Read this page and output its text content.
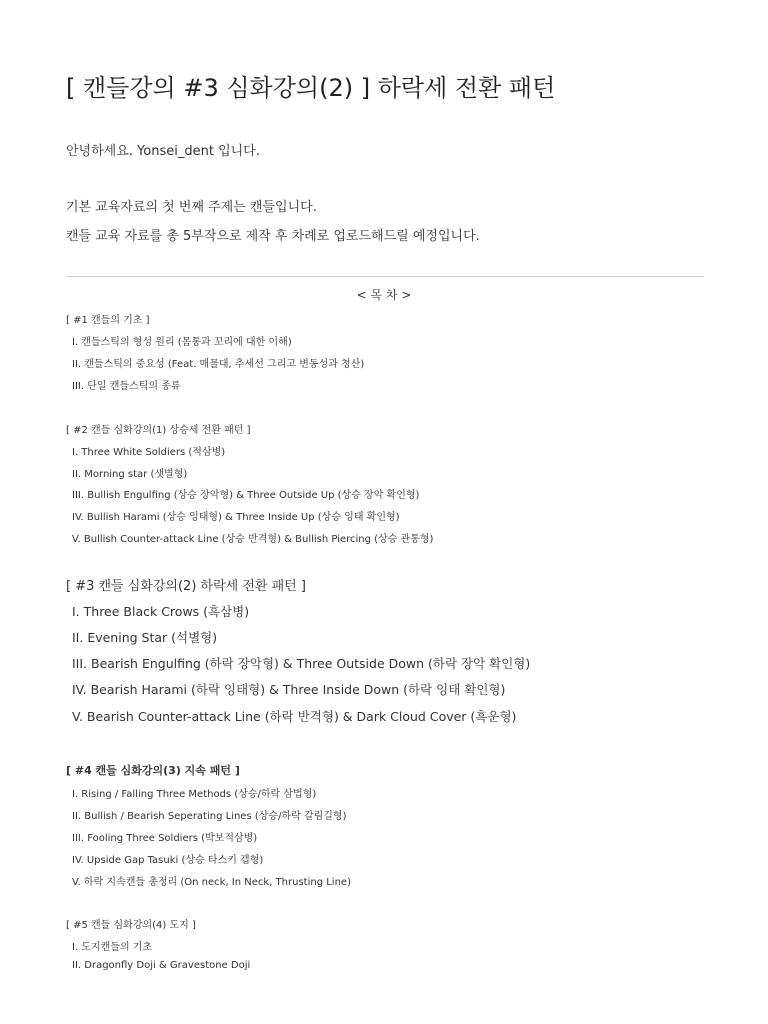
[ 캔들강의 #3 심화강의(2) ] 하락세 전환 패턴
안녕하세요. Yonsei_dent 입니다.
기본 교육자료의 첫 번째 주제는 캔들입니다.
캔들 교육 자료를 총 5부작으로 제작 후 차례로 업로드해드릴 예정입니다.
< 목 차 >
[ #1 캔들의 기초 ]
I. 캔들스틱의 형성 원리 (몸통과 꼬리에 대한 이해)
II. 캔들스틱의 중요성 (Feat. 매물대, 추세선 그리고 변동성과 청산)
III. 단일 캔들스틱의 종류
[ #2 캔들 심화강의(1) 상승세 전환 패턴 ]
I. Three White Soldiers (적삼병)
II. Morning star (샛별형)
III. Bullish Engulfing (상승 장악형) & Three Outside Up (상승 장악 확인형)
IV. Bullish Harami (상승 잉태형) & Three Inside Up (상승 잉태 확인형)
V. Bullish Counter-attack Line (상승 반격형) & Bullish Piercing (상승 관통형)
[ #3 캔들 심화강의(2) 하락세 전환 패턴 ]
I. Three Black Crows (흑삼병)
II. Evening Star (석별형)
III. Bearish Engulfing (하락 장악형) & Three Outside Down (하락 장악 확인형)
IV. Bearish Harami (하락 잉태형) & Three Inside Down (하락 잉태 확인형)
V. Bearish Counter-attack Line (하락 반격형) & Dark Cloud Cover (흑운형)
[ #4 캔들 심화강의(3) 지속 패턴 ]
I. Rising / Falling Three Methods (상승/하락 삼법형)
II. Bullish / Bearish Seperating Lines (상승/하락 갈림길형)
III. Fooling Three Soldiers (박보적삼병)
IV. Upside Gap Tasuki (상승 타스키 갭형)
V. 하락 지속캔들 총정리 (On neck, In Neck, Thrusting Line)
[ #5 캔들 심화강의(4) 도지 ]
I. 도지캔들의 기초
II. Dragonfly Doji & Gravestone Doji
